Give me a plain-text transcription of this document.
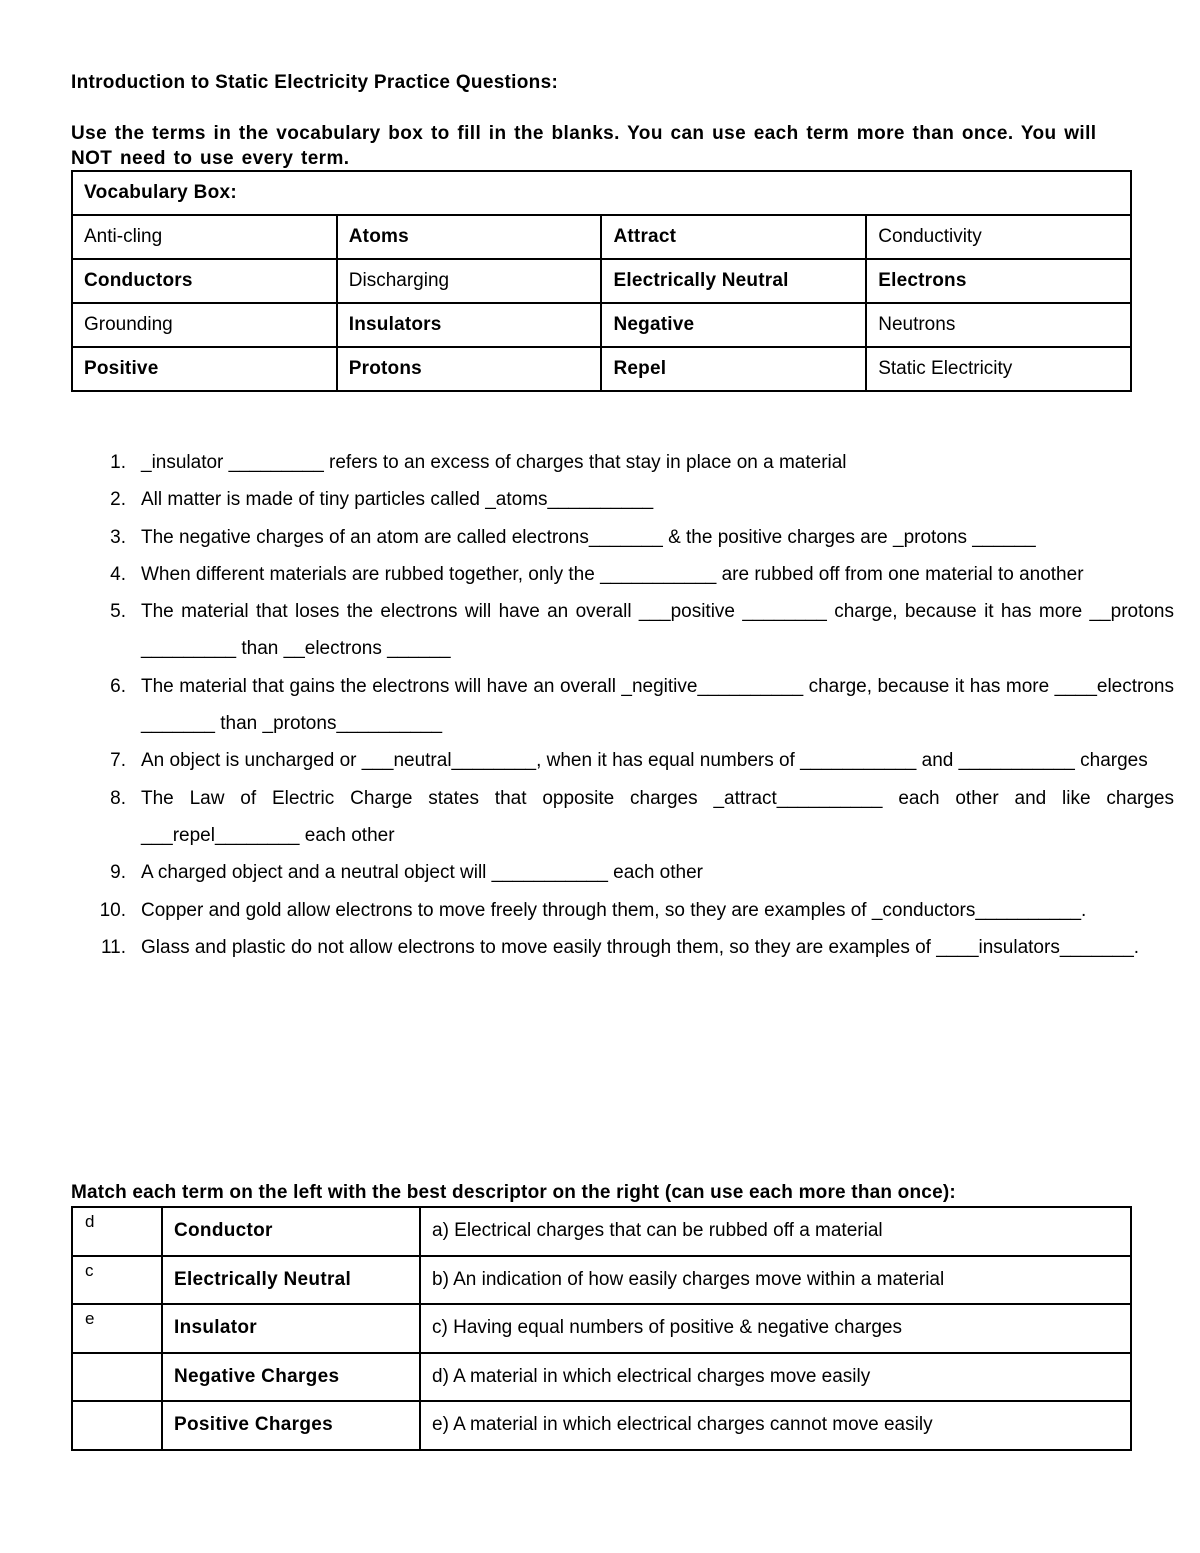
Introduction to Static Electricity Practice Questions:
Use the terms in the vocabulary box to fill in the blanks. You can use each term more than once. You will NOT need to use every term.
Vocabulary Box:			
Anti-cling	Atoms	Attract	Conductivity
Conductors	Discharging	Electrically Neutral	Electrons
Grounding	Insulators	Negative	Neutrons
Positive	Protons	Repel	Static Electricity
1. _insulator _________ refers to an excess of charges that stay in place on a material
2. All matter is made of tiny particles called _atoms__________
3. The negative charges of an atom are called electrons_______ & the positive charges are _protons ______
4. When different materials are rubbed together, only the ___________ are rubbed off from one material to another
5. The material that loses the electrons will have an overall ___positive ________ charge, because it has more __protons _________ than __electrons ______
6. The material that gains the electrons will have an overall _negitive__________ charge, because it has more ____electrons _______ than _protons__________
7. An object is uncharged or ___neutral________, when it has equal numbers of ___________ and ___________ charges
8. The Law of Electric Charge states that opposite charges _attract__________ each other and like charges ___repel________ each other
9. A charged object and a neutral object will ___________ each other
10. Copper and gold allow electrons to move freely through them, so they are examples of _conductors__________.
11. Glass and plastic do not allow electrons to move easily through them, so they are examples of ____insulators_______.
Match each term on the left with the best descriptor on the right (can use each more than once):
d	Conductor	a) Electrical charges that can be rubbed off a material
c	Electrically Neutral	b) An indication of how easily charges move within a material
e	Insulator	c) Having equal numbers of positive & negative charges
	Negative Charges	d) A material in which electrical charges move easily
	Positive Charges	e) A material in which electrical charges cannot move easily
